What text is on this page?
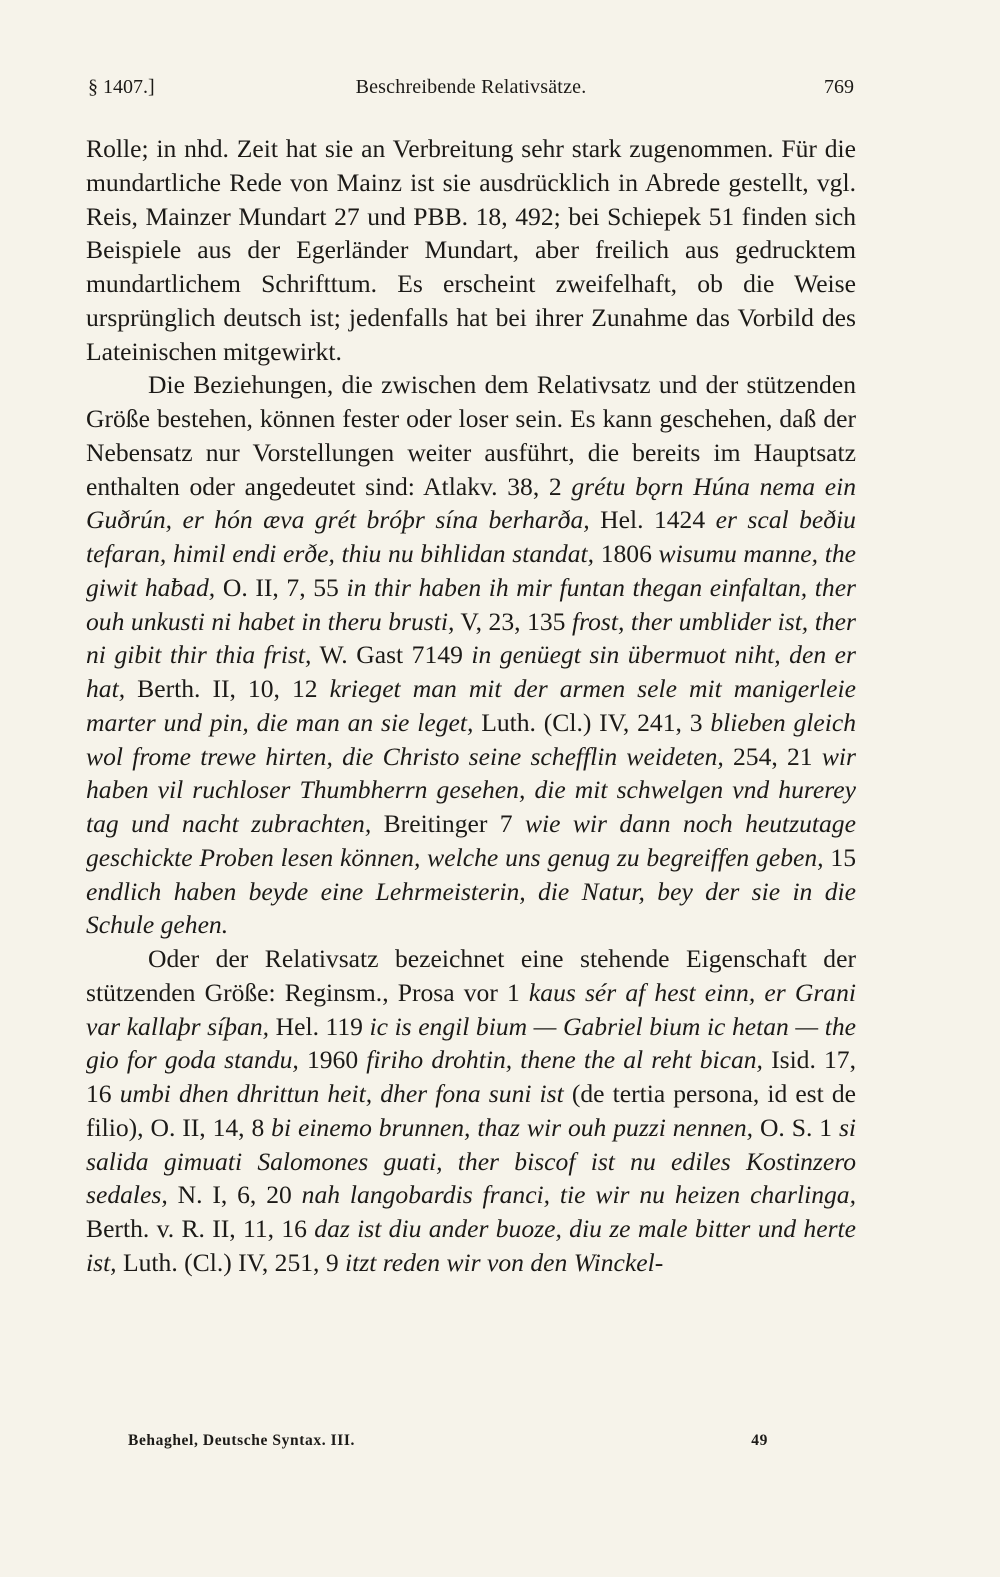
§ 1407.]	Beschreibende Relativsätze.	769

Rolle; in nhd. Zeit hat sie an Verbreitung sehr stark zugenommen. Für die mundartliche Rede von Mainz ist sie ausdrücklich in Abrede gestellt, vgl. Reis, Mainzer Mundart 27 und PBB. 18, 492; bei Schiepek 51 finden sich Beispiele aus der Egerländer Mundart, aber freilich aus gedrucktem mundartlichem Schrifttum. Es erscheint zweifelhaft, ob die Weise ursprünglich deutsch ist; jedenfalls hat bei ihrer Zunahme das Vorbild des Lateinischen mitgewirkt.

Die Beziehungen, die zwischen dem Relativsatz und der stützenden Größe bestehen, können fester oder loser sein. Es kann geschehen, daß der Nebensatz nur Vorstellungen weiter ausführt, die bereits im Hauptsatz enthalten oder angedeutet sind: Atlakv. 38, 2 grétu bǫrn Húna nema ein Guðrún, er hón æva grét bróþr sína berharða, Hel. 1424 er scal beðiu tefaran, himil endi erðe, thiu nu bihlidan standat, 1806 wisumu manne, the giwit haƀad, O. II, 7, 55 in thir haben ih mir funtan thegan einfaltan, ther ouh unkusti ni habet in theru brusti, V, 23, 135 frost, ther umblider ist, ther ni gibit thir thia frist, W. Gast 7149 in genüegt sin übermuot niht, den er hat, Berth. II, 10, 12 krieget man mit der armen sele mit manigerleie marter und pin, die man an sie leget, Luth. (Cl.) IV, 241, 3 blieben gleich wol frome trewe hirten, die Christo seine schefflin weideten, 254, 21 wir haben vil ruchloser Thumbherrn gesehen, die mit schwelgen vnd hurerey tag und nacht zubrachten, Breitinger 7 wie wir dann noch heutzutage geschickte Proben lesen können, welche uns genug zu begreiffen geben, 15 endlich haben beyde eine Lehrmeisterin, die Natur, bey der sie in die Schule gehen.

Oder der Relativsatz bezeichnet eine stehende Eigenschaft der stützenden Größe: Reginsm., Prosa vor 1 kaus sér af hest einn, er Grani var kallaþr síþan, Hel. 119 ic is engil bium — Gabriel bium ic hetan — the gio for goda standu, 1960 firiho drohtin, thene the al reht bican, Isid. 17, 16 umbi dhen dhrittun heit, dher fona suni ist (de tertia persona, id est de filio), O. II, 14, 8 bi einemo brunnen, thaz wir ouh puzzi nennen, O. S. 1 si salida gimuati Salomones guati, ther biscof ist nu ediles Kostinzero sedales, N. I, 6, 20 nah langobardis franci, tie wir nu heizen charlinga, Berth. v. R. II, 11, 16 daz ist diu ander buoze, diu ze male bitter und herte ist, Luth. (Cl.) IV, 251, 9 itzt reden wir von den Winckel-

Behaghel, Deutsche Syntax. III.	49
